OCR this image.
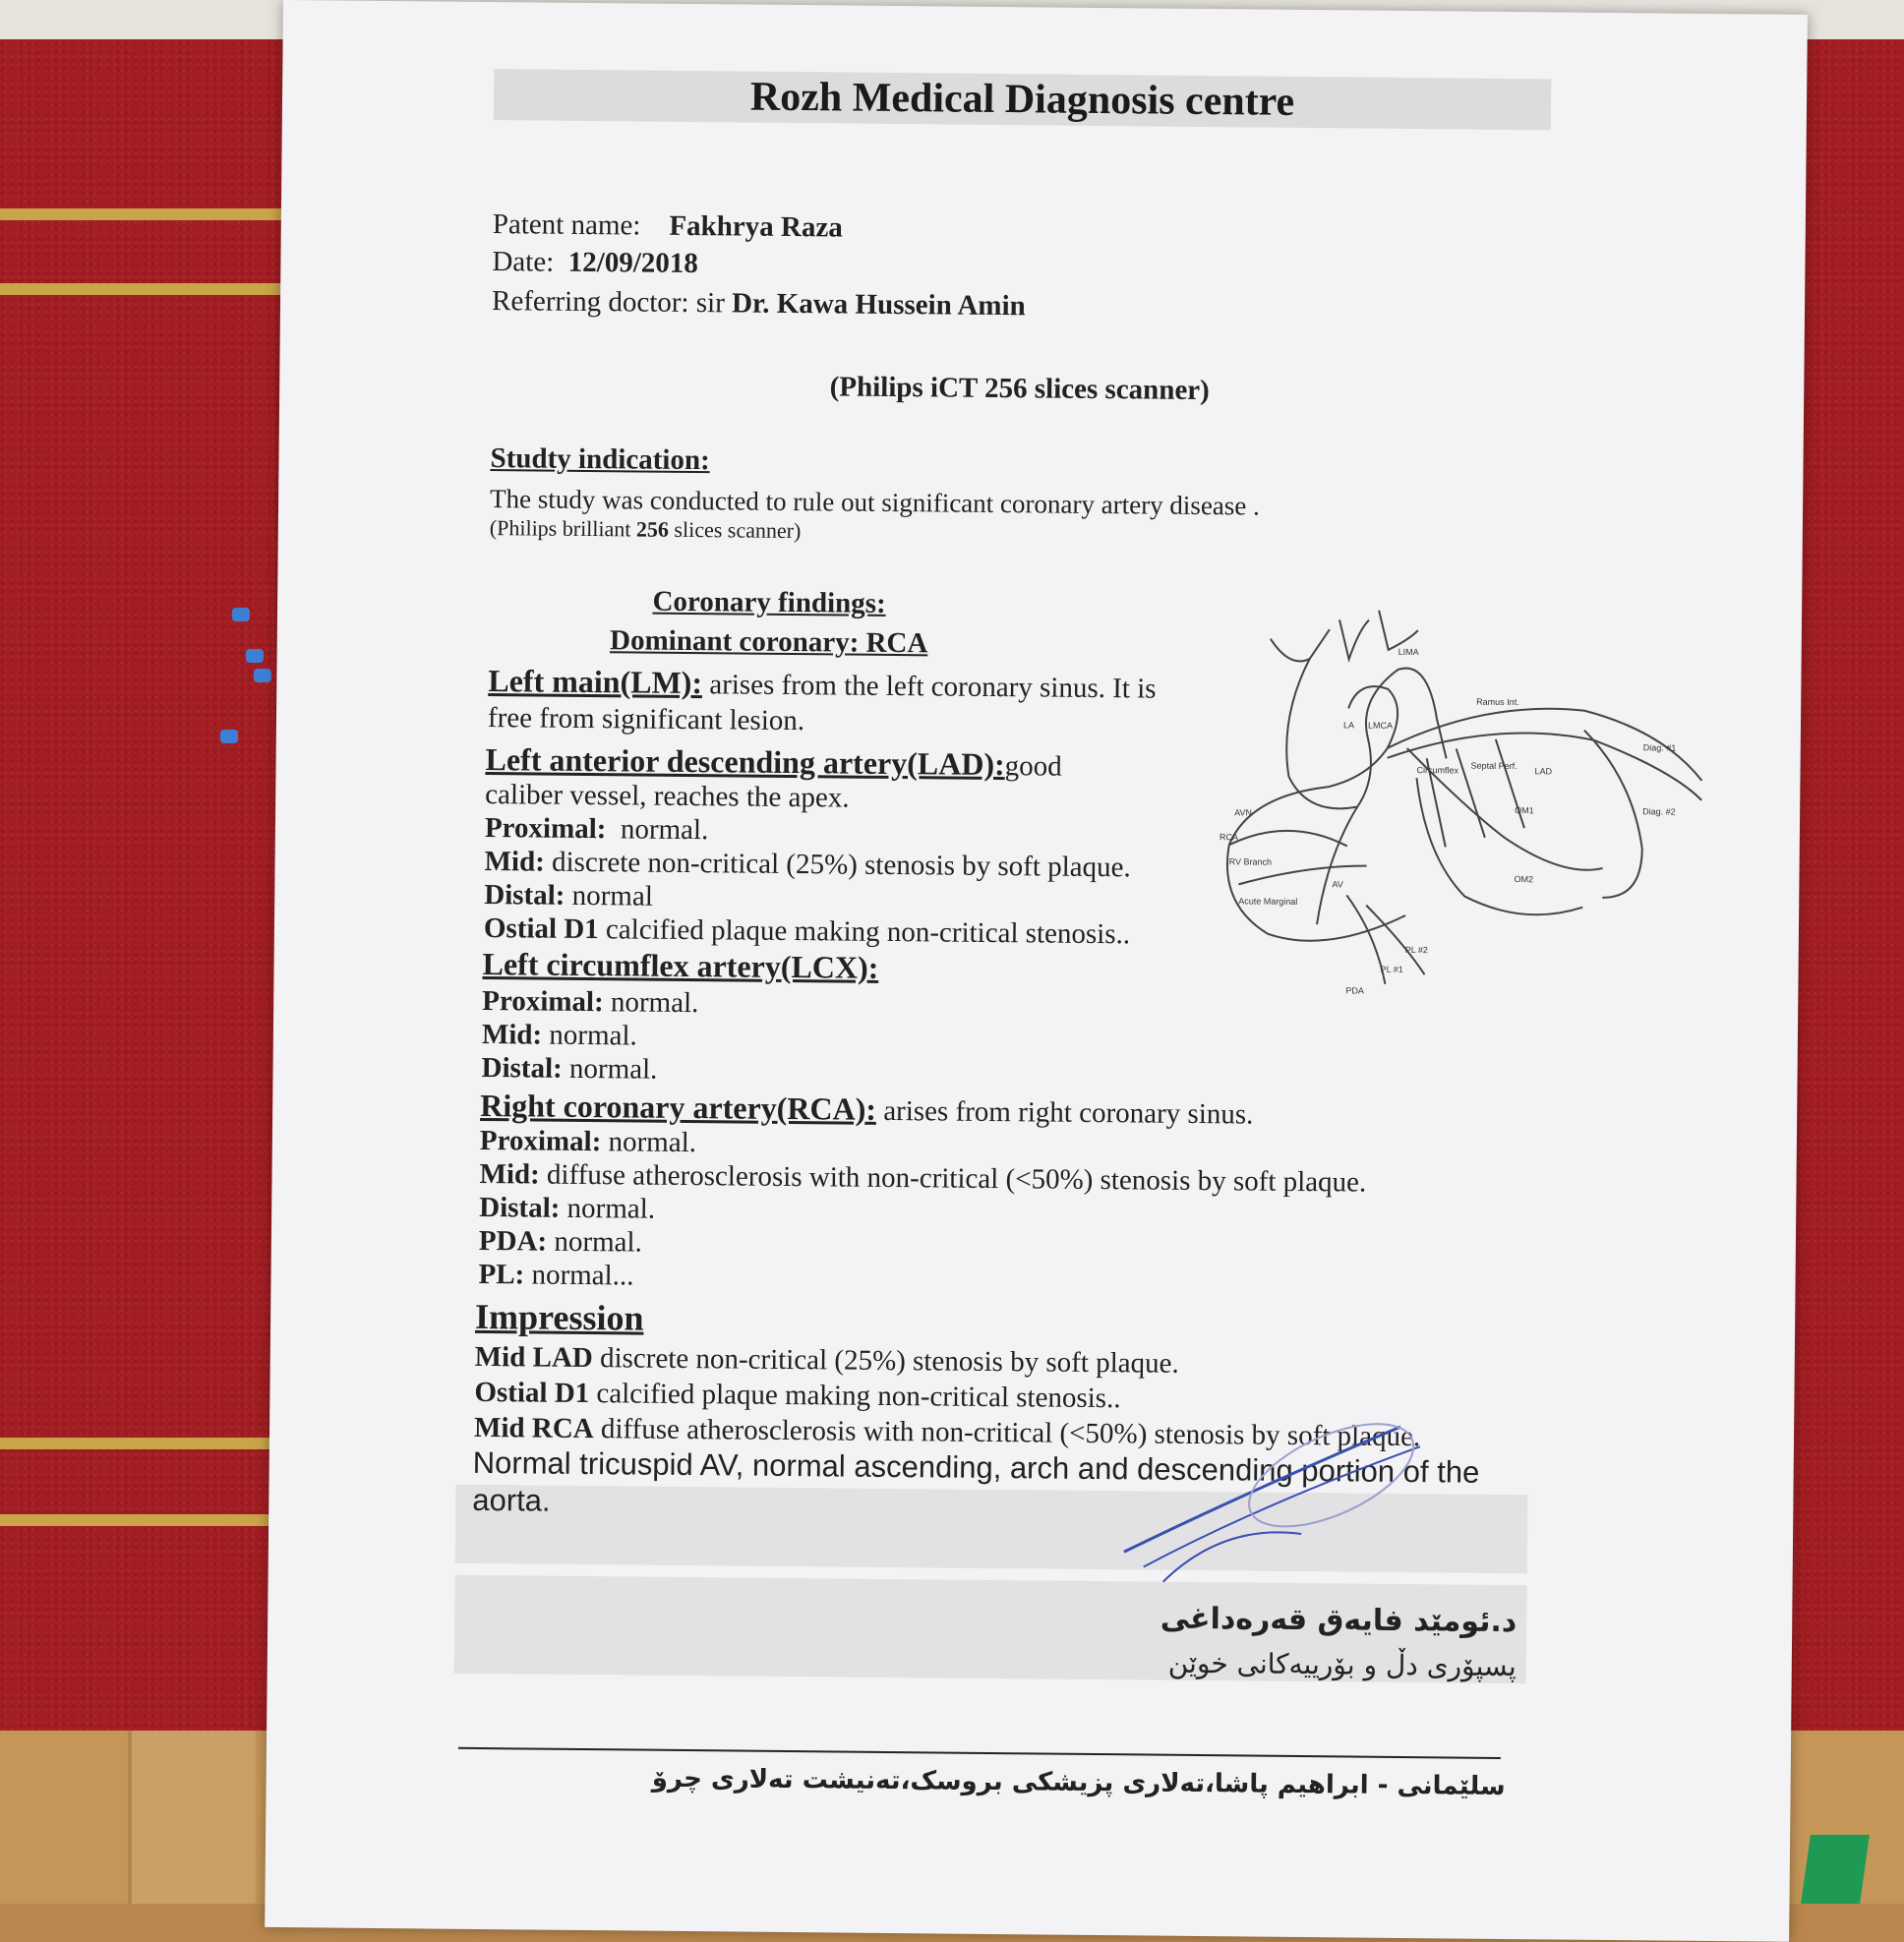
Rozh Medical Diagnosis centre
Patent name: Fakhrya Raza
Date: 12/09/2018
Referring doctor: sir Dr. Kawa Hussein Amin
(Philips iCT 256 slices scanner)
Studty indication:
The study was conducted to rule out significant coronary artery disease .
(Philips brilliant 256 slices scanner)
Coronary findings:
Dominant coronary: RCA
Left main(LM): arises from the left coronary sinus. It is
free from significant lesion.
Left anterior descending artery(LAD):good
caliber vessel, reaches the apex.
Proximal: normal.
Mid: discrete non-critical (25%) stenosis by soft plaque.
Distal: normal
Ostial D1 calcified plaque making non-critical stenosis..
Left circumflex artery(LCX):
Proximal: normal.
Mid: normal.
Distal: normal.
Right coronary artery(RCA): arises from right coronary sinus.
Proximal: normal.
Mid: diffuse atherosclerosis with non-critical (<50%) stenosis by soft plaque.
Distal: normal.
PDA: normal.
PL: normal...
Impression
Mid LAD discrete non-critical (25%) stenosis by soft plaque.
Ostial D1 calcified plaque making non-critical stenosis..
Mid RCA diffuse atherosclerosis with non-critical (<50%) stenosis by soft plaque.
Normal tricuspid AV, normal ascending, arch and descending portion of the
aorta.
د.ئومێد فایەق قەرەداغی
پسپۆری دڵ و بۆرییەکانی خوێن
سلێمانی - ابراهیم پاشا،تەلاری پزیشکی بروسک،تەنیشت تەلاری چرۆ
LIMA
Ramus Int.
LA LMCA
Diag. #1
Diag. #2
LAD
OM1
OM2
AVN
RCA
RV Branch
Acute Marginal
AV
PDA
PL #1
PL #2
Septal Perf.
Circumflex
